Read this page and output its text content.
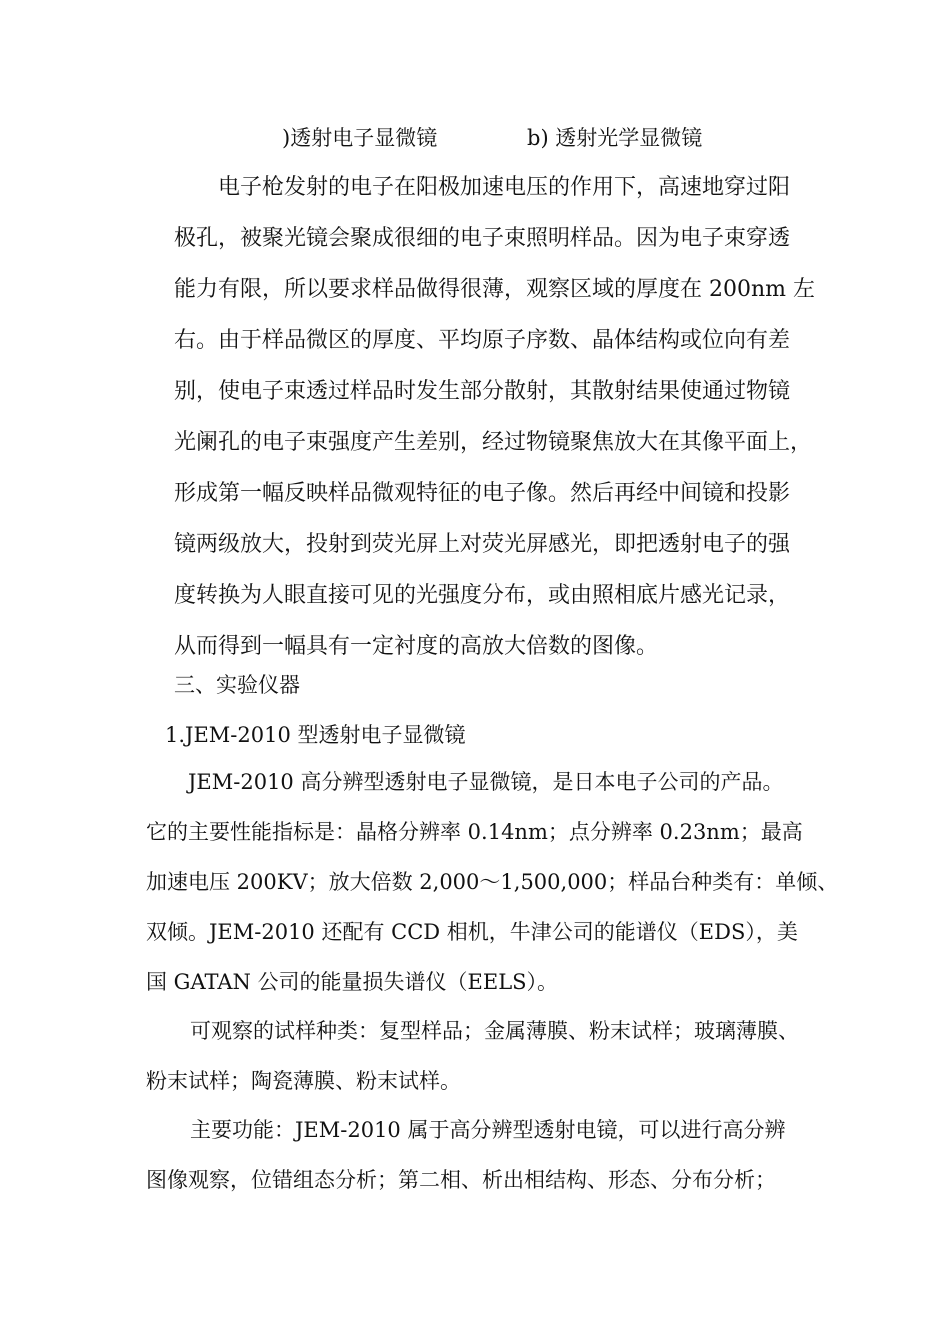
)透射电子显微镜	b) 透射光学显微镜
电子枪发射的电子在阳极加速电压的作用下，高速地穿过阳
极孔，被聚光镜会聚成很细的电子束照明样品。因为电子束穿透
能力有限，所以要求样品做得很薄，观察区域的厚度在 200nm 左
右。由于样品微区的厚度、平均原子序数、晶体结构或位向有差
别，使电子束透过样品时发生部分散射，其散射结果使通过物镜
光阑孔的电子束强度产生差别，经过物镜聚焦放大在其像平面上，
形成第一幅反映样品微观特征的电子像。然后再经中间镜和投影
镜两级放大，投射到荧光屏上对荧光屏感光，即把透射电子的强
度转换为人眼直接可见的光强度分布，或由照相底片感光记录，
从而得到一幅具有一定衬度的高放大倍数的图像。
三、实验仪器
1.JEM-2010 型透射电子显微镜
JEM-2010 高分辨型透射电子显微镜，是日本电子公司的产品。
它的主要性能指标是：晶格分辨率 0.14nm；点分辨率 0.23nm；最高
加速电压 200KV；放大倍数 2,000～1,500,000；样品台种类有：单倾、
双倾。JEM-2010 还配有 CCD 相机，牛津公司的能谱仪（EDS），美
国 GATAN 公司的能量损失谱仪（EELS）。
可观察的试样种类：复型样品；金属薄膜、粉末试样；玻璃薄膜、
粉末试样；陶瓷薄膜、粉末试样。
主要功能：JEM-2010 属于高分辨型透射电镜，可以进行高分辨
图像观察，位错组态分析；第二相、析出相结构、形态、分布分析；
